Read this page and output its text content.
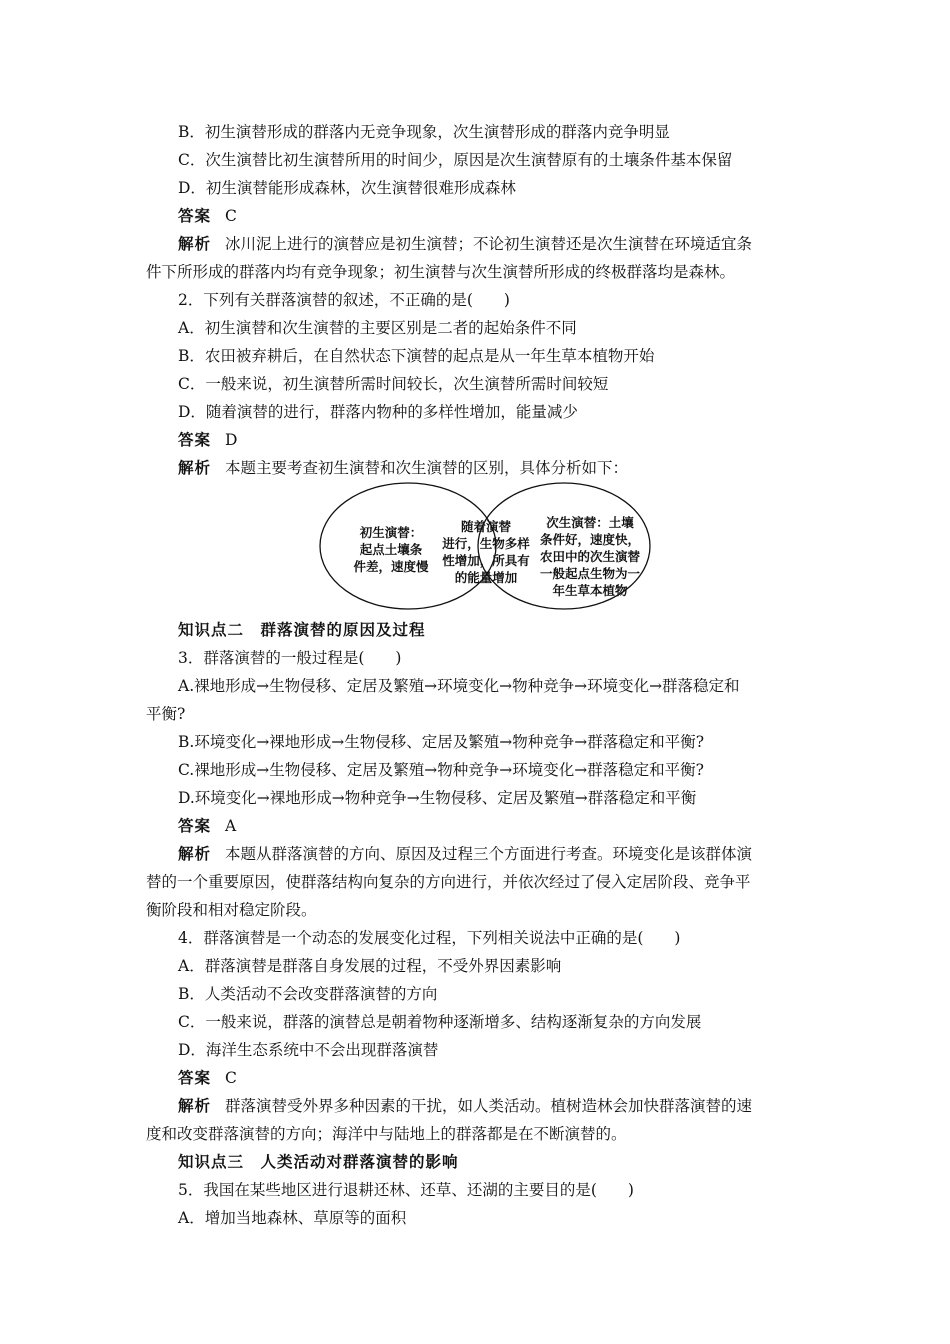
B．初生演替形成的群落内无竞争现象，次生演替形成的群落内竞争明显
C．次生演替比初生演替所用的时间少，原因是次生演替原有的土壤条件基本保留
D．初生演替能形成森林，次生演替很难形成森林
答案 C
解析 冰川泥上进行的演替应是初生演替；不论初生演替还是次生演替在环境适宜条
件下所形成的群落内均有竞争现象；初生演替与次生演替所形成的终极群落均是森林。
2．下列有关群落演替的叙述，不正确的是(　　)
A．初生演替和次生演替的主要区别是二者的起始条件不同
B．农田被弃耕后，在自然状态下演替的起点是从一年生草本植物开始
C．一般来说，初生演替所需时间较长，次生演替所需时间较短
D．随着演替的进行，群落内物种的多样性增加，能量减少
答案 D
解析 本题主要考查初生演替和次生演替的区别，具体分析如下：
初生演替：
起点土壤条
件差，速度慢
随着演替
进行，生物多样
性增加，所具有
的能量增加
次生演替：土壤
条件好，速度快，
农田中的次生演替
一般起点生物为一
年生草本植物
知识点二　群落演替的原因及过程
3．群落演替的一般过程是(　　)
A.裸地形成→生物侵移、定居及繁殖→环境变化→物种竞争→环境变化→群落稳定和
平衡?
B.环境变化→裸地形成→生物侵移、定居及繁殖→物种竞争→群落稳定和平衡?
C.裸地形成→生物侵移、定居及繁殖→物种竞争→环境变化→群落稳定和平衡?
D.环境变化→裸地形成→物种竞争→生物侵移、定居及繁殖→群落稳定和平衡
答案 A
解析 本题从群落演替的方向、原因及过程三个方面进行考查。环境变化是该群体演
替的一个重要原因，使群落结构向复杂的方向进行，并依次经过了侵入定居阶段、竞争平
衡阶段和相对稳定阶段。
4．群落演替是一个动态的发展变化过程，下列相关说法中正确的是(　　)
A．群落演替是群落自身发展的过程，不受外界因素影响
B．人类活动不会改变群落演替的方向
C．一般来说，群落的演替总是朝着物种逐渐增多、结构逐渐复杂的方向发展
D．海洋生态系统中不会出现群落演替
答案 C
解析 群落演替受外界多种因素的干扰，如人类活动。植树造林会加快群落演替的速
度和改变群落演替的方向；海洋中与陆地上的群落都是在不断演替的。
知识点三　人类活动对群落演替的影响
5．我国在某些地区进行退耕还林、还草、还湖的主要目的是(　　)
A．增加当地森林、草原等的面积
